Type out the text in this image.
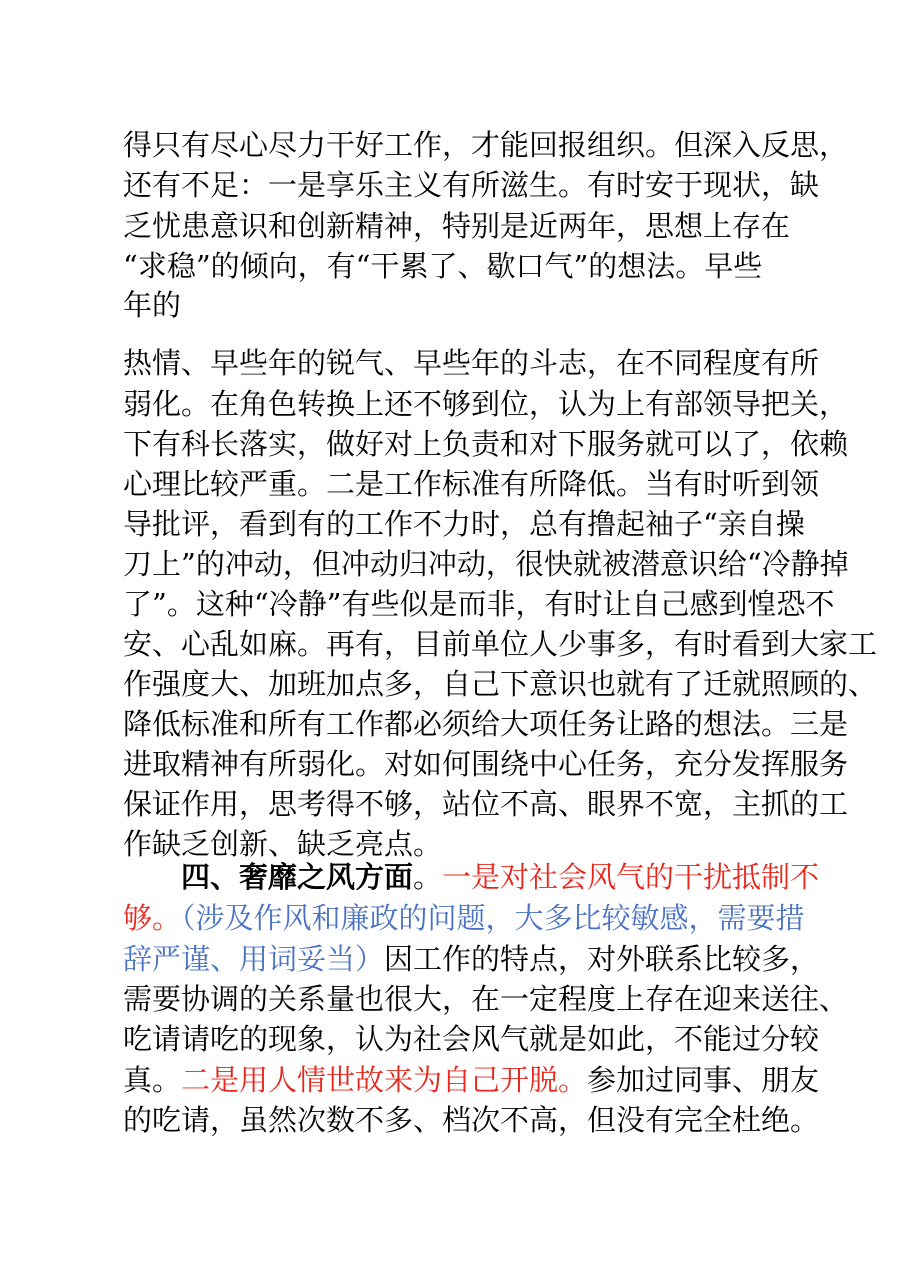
得只有尽心尽力干好工作，才能回报组织。但深入反思，
还有不足：一是享乐主义有所滋生。有时安于现状，缺
乏忧患意识和创新精神，特别是近两年，思想上存在
“求稳”的倾向，有“干累了、歇口气”的想法。早些
年的
热情、早些年的锐气、早些年的斗志，在不同程度有所
弱化。在角色转换上还不够到位，认为上有部领导把关，
下有科长落实，做好对上负责和对下服务就可以了，依赖
心理比较严重。二是工作标准有所降低。当有时听到领
导批评，看到有的工作不力时，总有撸起袖子“亲自操
刀上”的冲动，但冲动归冲动，很快就被潜意识给“冷静掉
了”。这种“冷静”有些似是而非，有时让自己感到惶恐不
安、心乱如麻。再有，目前单位人少事多，有时看到大家工
作强度大、加班加点多，自己下意识也就有了迁就照顾的、
降低标准和所有工作都必须给大项任务让路的想法。三是
进取精神有所弱化。对如何围绕中心任务，充分发挥服务
保证作用，思考得不够，站位不高、眼界不宽，主抓的工
作缺乏创新、缺乏亮点。
四、奢靡之风方面。一是对社会风气的干扰抵制不
够。（涉及作风和廉政的问题，大多比较敏感，需要措
辞严谨、用词妥当）因工作的特点，对外联系比较多，
需要协调的关系量也很大，在一定程度上存在迎来送往、
吃请请吃的现象，认为社会风气就是如此，不能过分较
真。二是用人情世故来为自己开脱。参加过同事、朋友
的吃请，虽然次数不多、档次不高，但没有完全杜绝。
